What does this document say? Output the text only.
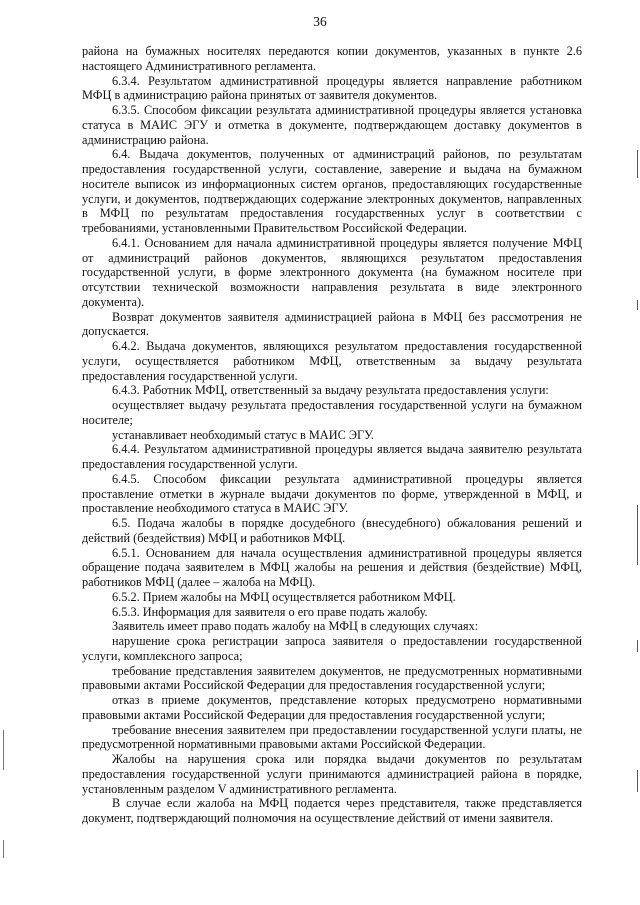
36

района на бумажных носителях передаются копии документов, указанных в пункте 2.6 настоящего Административного регламента.

6.3.4. Результатом административной процедуры является направление работником МФЦ в администрацию района принятых от заявителя документов.

6.3.5. Способом фиксации результата административной процедуры является установка статуса в МАИС ЭГУ и отметка в документе, подтверждающем доставку документов в администрацию района.

6.4. Выдача документов, полученных от администраций районов, по результатам предоставления государственной услуги, составление, заверение и выдача на бумажном носителе выписок из информационных систем органов, предоставляющих государственные услуги, и документов, подтверждающих содержание электронных документов, направленных в МФЦ по результатам предоставления государственных услуг в соответствии с требованиями, установленными Правительством Российской Федерации.

6.4.1. Основанием для начала административной процедуры является получение МФЦ от администраций районов документов, являющихся результатом предоставления государственной услуги, в форме электронного документа (на бумажном носителе при отсутствии технической возможности направления результата в виде электронного документа).

Возврат документов заявителя администрацией района в МФЦ без рассмотрения не допускается.

6.4.2. Выдача документов, являющихся результатом предоставления государственной услуги, осуществляется работником МФЦ, ответственным за выдачу результата предоставления государственной услуги.

6.4.3. Работник МФЦ, ответственный за выдачу результата предоставления услуги:

осуществляет выдачу результата предоставления государственной услуги на бумажном носителе;

устанавливает необходимый статус в МАИС ЭГУ.

6.4.4. Результатом административной процедуры является выдача заявителю результата предоставления государственной услуги.

6.4.5. Способом фиксации результата административной процедуры является проставление отметки в журнале выдачи документов по форме, утвержденной в МФЦ, и проставление необходимого статуса в МАИС ЭГУ.

6.5. Подача жалобы в порядке досудебного (внесудебного) обжалования решений и действий (бездействия) МФЦ и работников МФЦ.

6.5.1. Основанием для начала осуществления административной процедуры является обращение подача заявителем в МФЦ жалобы на решения и действия (бездействие) МФЦ, работников МФЦ (далее – жалоба на МФЦ).

6.5.2. Прием жалобы на МФЦ осуществляется работником МФЦ.

6.5.3. Информация для заявителя о его праве подать жалобу.

Заявитель имеет право подать жалобу на МФЦ в следующих случаях:

нарушение срока регистрации запроса заявителя о предоставлении государственной услуги, комплексного запроса;

требование представления заявителем документов, не предусмотренных нормативными правовыми актами Российской Федерации для предоставления государственной услуги;

отказ в приеме документов, представление которых предусмотрено нормативными правовыми актами Российской Федерации для предоставления государственной услуги;

требование внесения заявителем при предоставлении государственной услуги платы, не предусмотренной нормативными правовыми актами Российской Федерации.

Жалобы на нарушения срока или порядка выдачи документов по результатам предоставления государственной услуги принимаются администрацией района в порядке, установленным разделом V административного регламента.

В случае если жалоба на МФЦ подается через представителя, также представляется документ, подтверждающий полномочия на осуществление действий от имени заявителя.
